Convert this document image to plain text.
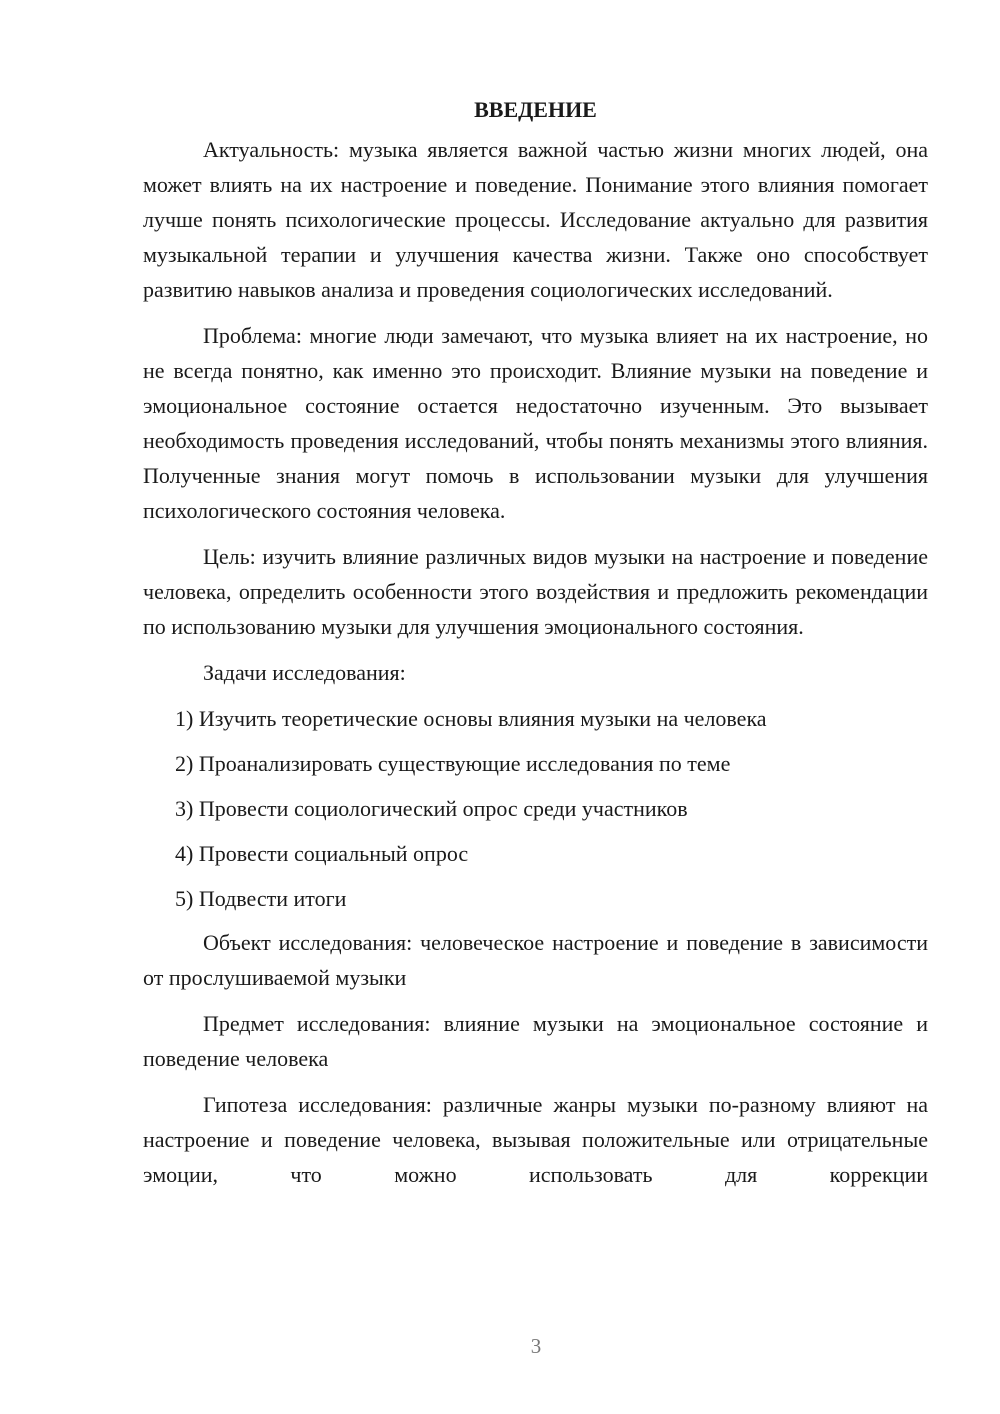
ВВЕДЕНИЕ

Актуальность: музыка является важной частью жизни многих людей, она может влиять на их настроение и поведение. Понимание этого влияния помогает лучше понять психологические процессы. Исследование актуально для развития музыкальной терапии и улучшения качества жизни. Также оно способствует развитию навыков анализа и проведения социологических исследований.

Проблема: многие люди замечают, что музыка влияет на их настроение, но не всегда понятно, как именно это происходит. Влияние музыки на поведение и эмоциональное состояние остается недостаточно изученным. Это вызывает необходимость проведения исследований, чтобы понять механизмы этого влияния. Полученные знания могут помочь в использовании музыки для улучшения психологического состояния человека.

Цель: изучить влияние различных видов музыки на настроение и поведение человека, определить особенности этого воздействия и предложить рекомендации по использованию музыки для улучшения эмоционального состояния.

Задачи исследования:

1) Изучить теоретические основы влияния музыки на человека
2) Проанализировать существующие исследования по теме
3) Провести социологический опрос среди участников
4) Провести социальный опрос
5) Подвести итоги

Объект исследования: человеческое настроение и поведение в зависимости от прослушиваемой музыки

Предмет исследования: влияние музыки на эмоциональное состояние и поведение человека

Гипотеза исследования: различные жанры музыки по-разному влияют на настроение и поведение человека, вызывая положительные или отрицательные эмоции, что можно использовать для коррекции

3
